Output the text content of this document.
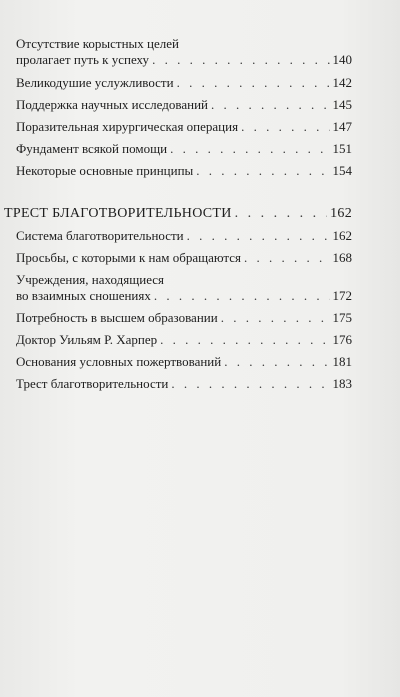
Отсутствие корыстных целей
пролагает путь к успеху . . .	140
Великодушие услужливости . . .	142
Поддержка научных исследований . . .	145
Поразительная хирургическая операция . . .	147
Фундамент всякой помощи . . .	151
Некоторые основные принципы . . .	154
ТРЕСТ БЛАГОТВОРИТЕЛЬНОСТИ . . .	162
Система благотворительности . . .	162
Просьбы, с которыми к нам обращаются . . .	168
Учреждения, находящиеся
во взаимных сношениях . . .	172
Потребность в высшем образовании . . .	175
Доктор Уильям Р. Харпер . . .	176
Основания условных пожертвований . . .	181
Трест благотворительности . . .	183
